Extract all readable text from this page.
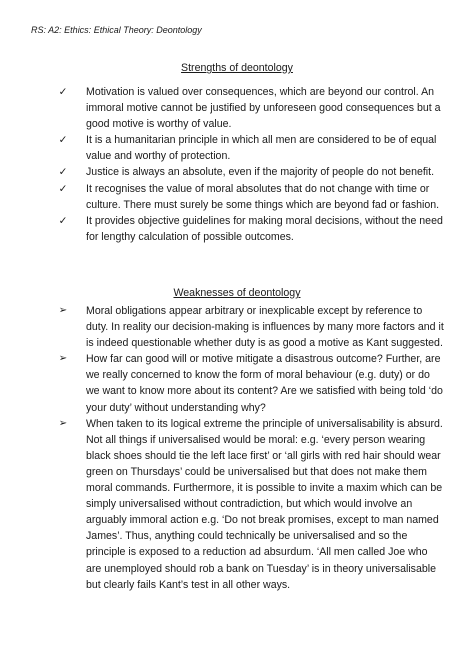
RS: A2: Ethics: Ethical Theory: Deontology
Strengths of deontology
✓ Motivation is valued over consequences, which are beyond our control. An immoral motive cannot be justified by unforeseen good consequences but a good motive is worthy of value.
✓ It is a humanitarian principle in which all men are considered to be of equal value and worthy of protection.
✓ Justice is always an absolute, even if the majority of people do not benefit.
✓ It recognises the value of moral absolutes that do not change with time or culture. There must surely be some things which are beyond fad or fashion.
✓ It provides objective guidelines for making moral decisions, without the need for lengthy calculation of possible outcomes.
Weaknesses of deontology
➢ Moral obligations appear arbitrary or inexplicable except by reference to duty. In reality our decision-making is influences by many more factors and it is indeed questionable whether duty is as good a motive as Kant suggested.
➢ How far can good will or motive mitigate a disastrous outcome? Further, are we really concerned to know the form of moral behaviour (e.g. duty) or do we want to know more about its content? Are we satisfied with being told ‘do your duty’ without understanding why?
➢ When taken to its logical extreme the principle of universalisability is absurd. Not all things if universalised would be moral: e.g. ‘every person wearing black shoes should tie the left lace first’ or ‘all girls with red hair should wear green on Thursdays’ could be universalised but that does not make them moral commands. Furthermore, it is possible to invite a maxim which can be simply universalised without contradiction, but which would involve an arguably immoral action e.g. ‘Do not break promises, except to man named James’. Thus, anything could technically be universalised and so the principle is exposed to a reduction ad absurdum. ‘All men called Joe who are unemployed should rob a bank on Tuesday’ is in theory universalisable but clearly fails Kant’s test in all other ways.
